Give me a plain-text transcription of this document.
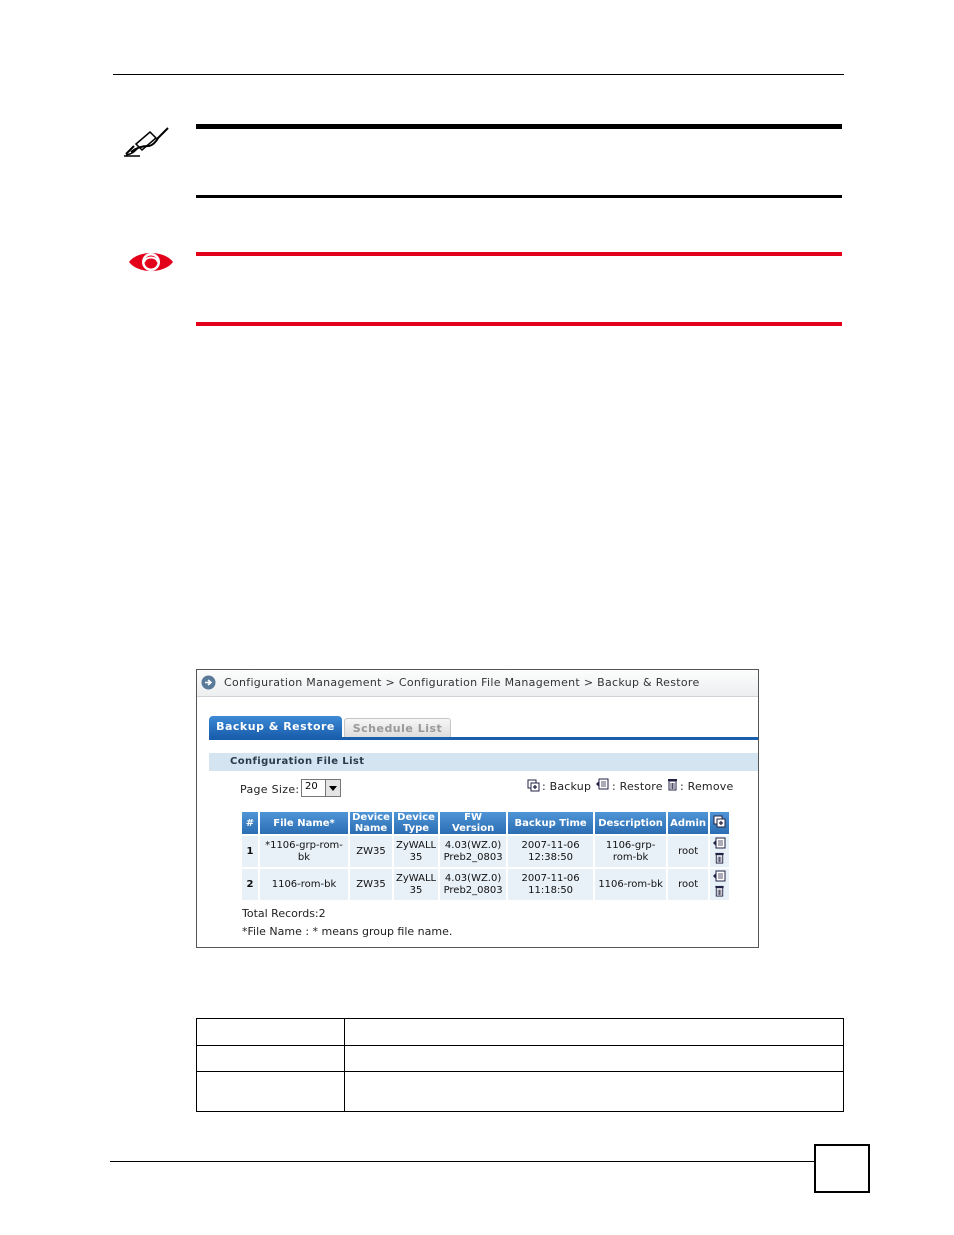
Configuration Management > Configuration File Management > Backup & Restore
Backup & Restore	Schedule List
Configuration File List
Page Size: 20	: Backup : Restore : Remove
#	File Name*	Device Name	Device Type	FW Version	Backup Time	Description	Admin	
1	*1106-grp-rom-bk	ZW35	ZyWALL 35	4.03(WZ.0) Preb2_0803	2007-11-06 12:38:50	1106-grp-rom-bk	root	

2	1106-rom-bk	ZW35	ZyWALL 35	4.03(WZ.0) Preb2_0803	2007-11-06 11:18:50	1106-rom-bk	root	

Total Records:2
*File Name : * means group file name.
